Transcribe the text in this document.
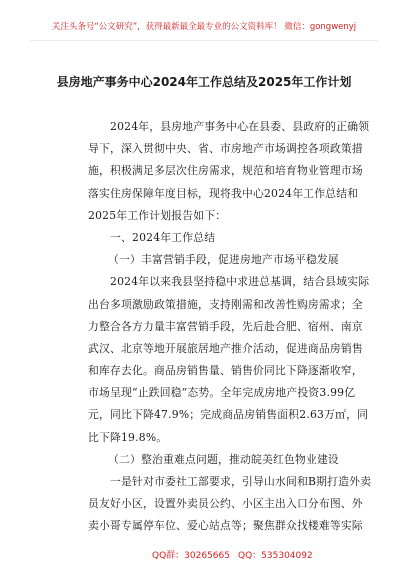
关注头条号“公文研究”，获得最新最全最专业的公文资料库！ 微信：gongwenyj
县房地产事务中心2024年工作总结及2025年工作计划
2024年，县房地产事务中心在县委、县政府的正确领
导下，深入贯彻中央、省、市房地产市场调控各项政策措
施，积极满足多层次住房需求，规范和培育物业管理市场
落实住房保障年度目标，现将我中心2024年工作总结和
2025年工作计划报告如下：
一、2024年工作总结
（一）丰富营销手段，促进房地产市场平稳发展
2024年以来我县坚持稳中求进总基调，结合县域实际
出台多项激励政策措施，支持刚需和改善性购房需求；全
力整合各方力量丰富营销手段，先后赴合肥、宿州、南京
武汉、北京等地开展旅居地产推介活动，促进商品房销售
和库存去化。商品房销售量、销售价同比下降逐渐收窄，
市场呈现“止跌回稳”态势。全年完成房地产投资3.99亿
元，同比下降47.9%；完成商品房销售面积2.63万㎡，同
比下降19.8%。
（二）整治重难点问题，推动皖美红色物业建设
一是针对市委社工部要求，引导山水间和B期打造外卖
员友好小区，设置外卖员公约、小区主出入口分布图、外
卖小哥专属停车位、爱心站点等；聚焦群众找楼难等实际
QQ群：30265665 QQ：535304092
